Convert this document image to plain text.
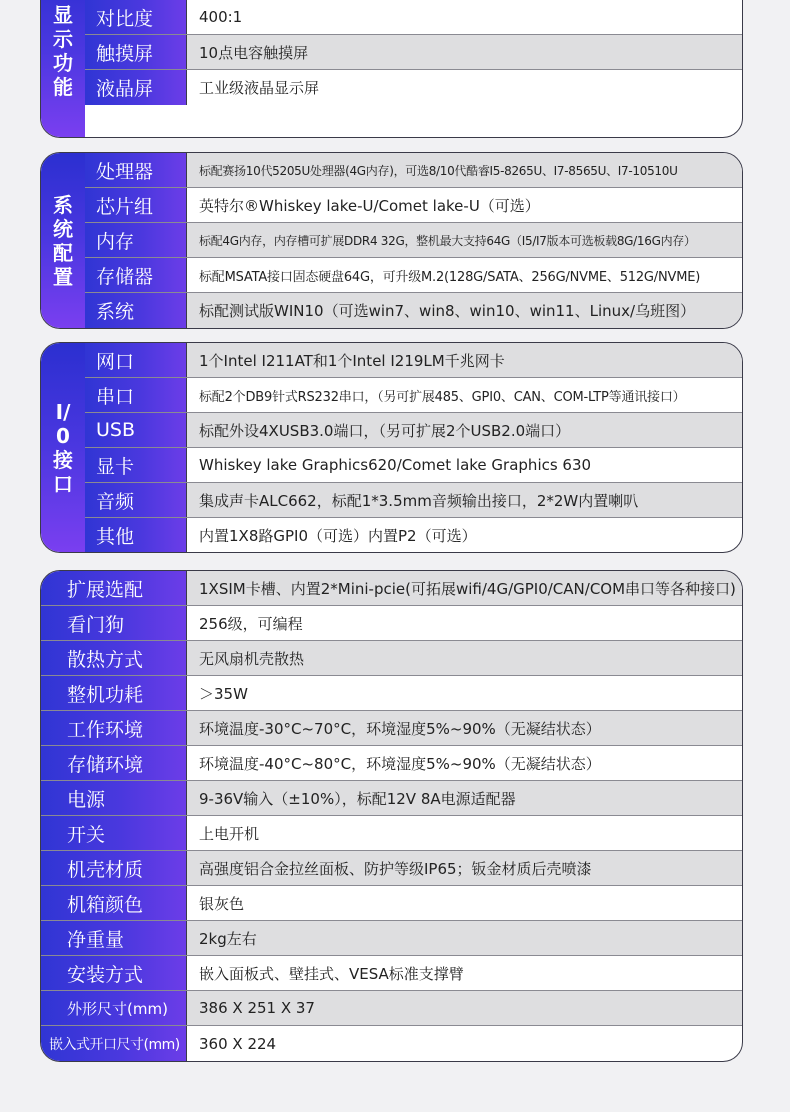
显示功能
对比度	400:1
触摸屏	10点电容触摸屏
液晶屏	工业级液晶显示屏
系统配置
处理器	标配赛扬10代5205U处理器(4G内存)，可选8/10代酷睿I5-8265U、I7-8565U、I7-10510U
芯片组	英特尔®Whiskey lake-U/Comet lake-U（可选）
内存	标配4G内存，内存槽可扩展DDR4 32G，整机最大支持64G（I5/I7版本可选板载8G/16G内存）
存储器	标配MSATA接口固态硬盘64G，可升级M.2(128G/SATA、256G/NVME、512G/NVME)
系统	标配测试版WIN10（可选win7、win8、win10、win11、Linux/乌班图）
I/0接口
网口	1个Intel I211AT和1个Intel I219LM千兆网卡
串口	标配2个DB9针式RS232串口，（另可扩展485、GPI0、CAN、COM-LTP等通讯接口）
USB	标配外设4XUSB3.0端口，（另可扩展2个USB2.0端口）
显卡	Whiskey lake Graphics620/Comet lake Graphics 630
音频	集成声卡ALC662，标配1*3.5mm音频输出接口，2*2W内置喇叭
其他	内置1X8路GPI0（可选）内置P2（可选）
扩展选配	1XSIM卡槽、内置2*Mini-pcie(可拓展wifi/4G/GPI0/CAN/COM串口等各种接口)
看门狗	256级，可编程
散热方式	无风扇机壳散热
整机功耗	＞35W
工作环境	环境温度-30°C~70°C，环境湿度5%~90%（无凝结状态）
存储环境	环境温度-40°C~80°C，环境湿度5%~90%（无凝结状态）
电源	9-36V输入（±10%），标配12V 8A电源适配器
开关	上电开机
机壳材质	高强度铝合金拉丝面板、防护等级IP65；钣金材质后壳喷漆
机箱颜色	银灰色
净重量	2kg左右
安装方式	嵌入面板式、壁挂式、VESA标准支撑臂
外形尺寸(mm)	386 X 251 X 37
嵌入式开口尺寸(mm)	360 X 224
